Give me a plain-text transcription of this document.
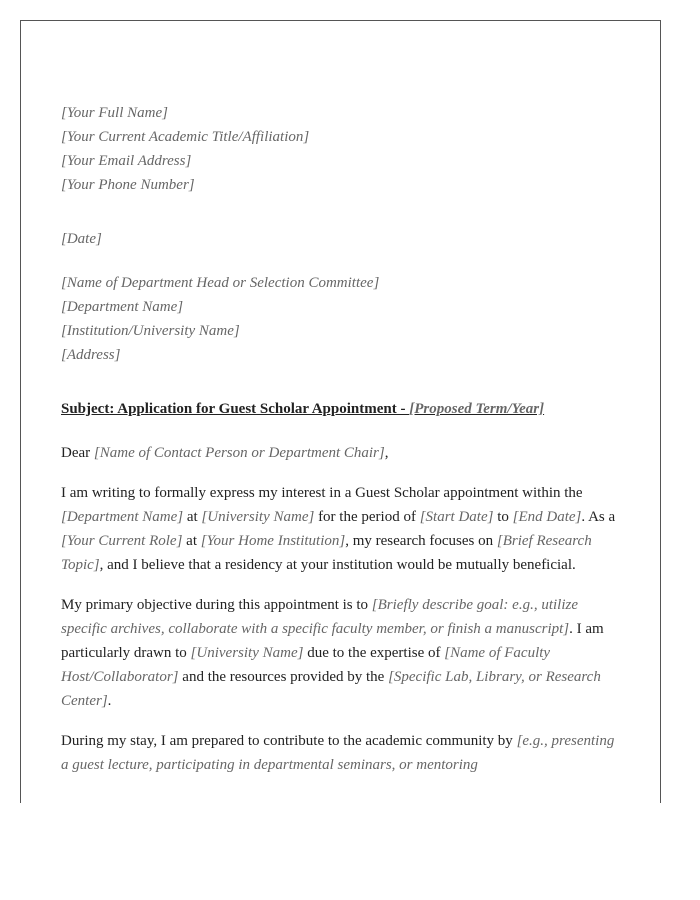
[Your Full Name]
[Your Current Academic Title/Affiliation]
[Your Email Address]
[Your Phone Number]
[Date]
[Name of Department Head or Selection Committee]
[Department Name]
[Institution/University Name]
[Address]
Subject: Application for Guest Scholar Appointment - [Proposed Term/Year]
Dear [Name of Contact Person or Department Chair],

I am writing to formally express my interest in a Guest Scholar appointment within the [Department Name] at [University Name] for the period of [Start Date] to [End Date]. As a [Your Current Role] at [Your Home Institution], my research focuses on [Brief Research Topic], and I believe that a residency at your institution would be mutually beneficial.

My primary objective during this appointment is to [Briefly describe goal: e.g., utilize specific archives, collaborate with a specific faculty member, or finish a manuscript]. I am particularly drawn to [University Name] due to the expertise of [Name of Faculty Host/Collaborator] and the resources provided by the [Specific Lab, Library, or Research Center].

During my stay, I am prepared to contribute to the academic community by [e.g., presenting a guest lecture, participating in departmental seminars, or mentoring
